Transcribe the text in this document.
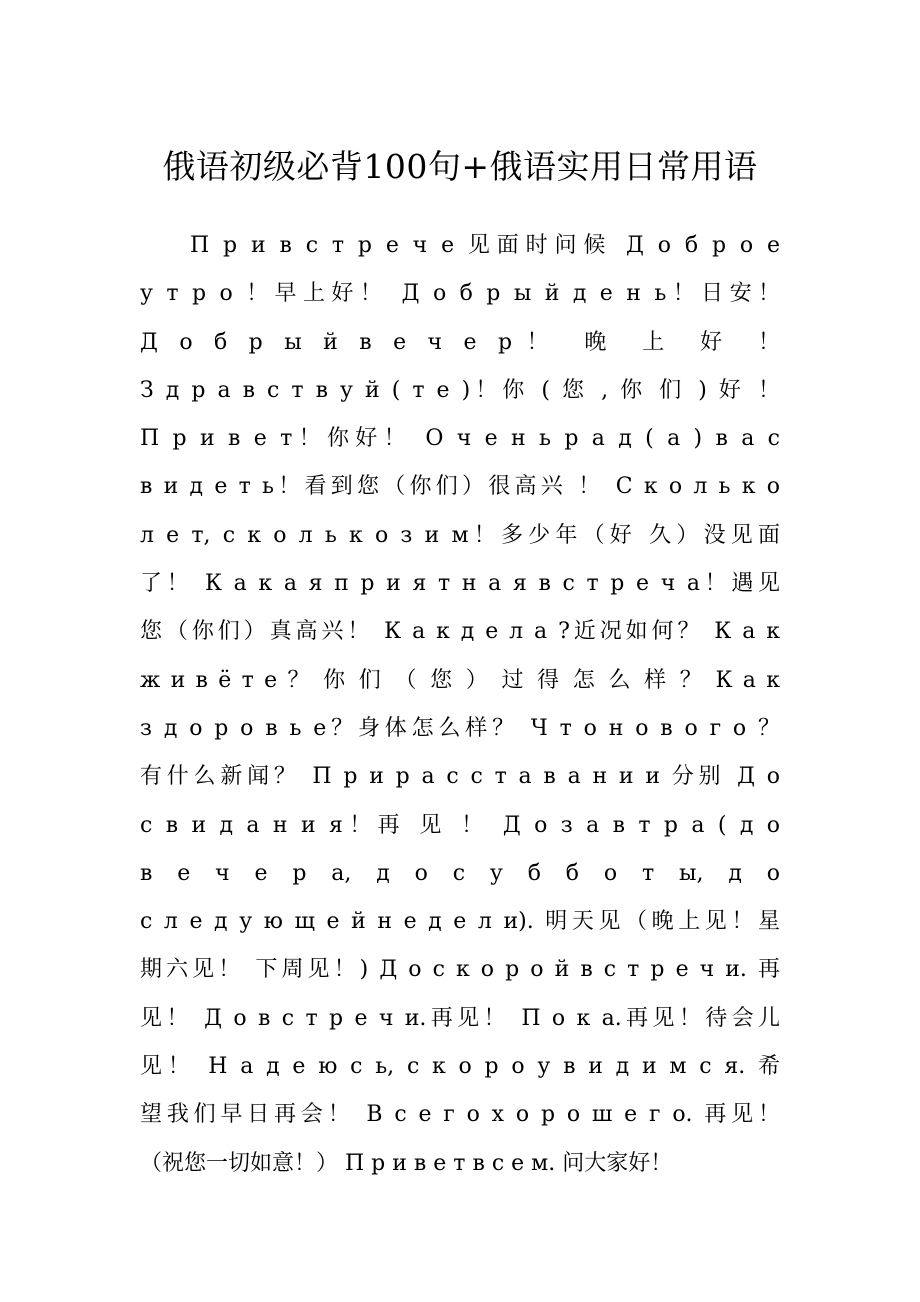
俄语初级必背100句+俄语实用日常用语
П р и в с т р е ч е 见面时问候 Д о б р о е
у т р о ！早上好！ Д о б р ы й д е н ь！日安！
Д о б р ы й в е ч е р！ 晚 上 好 ！
З д р а в с т в у й ( т е )！你 ( 您 , 你 们 ) 好 ！
П р и в е т！你好！ О ч е н ь р а д ( а ) в а с
в и д е т ь！看到您（你们）很高兴 ！ С к о л ь к о
л е т, с к о л ь к о з и м！多少年（好 久）没见面
了！ К а к а я п р и я т н а я в с т р е ч а！遇见
您（你们）真高兴！ К а к д е л а ?近况如何？ К а к
ж и в ё т е ？ 你 们 （ 您 ） 过 得 怎 么 样 ？ К а к
з д о р о в ь е？身体怎么样？ Ч т о н о в о г о ？
有什么新闻？ П р и р а с с т а в а н и и 分别 Д о
с в и д а н и я！再 见 ！ Д о з а в т р а ( д о
в е ч е р а, д о с у б б о т ы, д о
с л е д у ю щ е й н е д е л и). 明天见（晚上见！星
期六见！ 下周见！) Д о с к о р о й в с т р е ч и. 再
见！ Д о в с т р е ч и.再见！ П о к а.再见！待会儿
见！ Н а д е ю с ь, с к о р о у в и д и м с я. 希
望我们早日再会！ В с е г о х о р о ш е г о. 再见！
（祝您一切如意！） П р и в е т в с е м. 问大家好！
